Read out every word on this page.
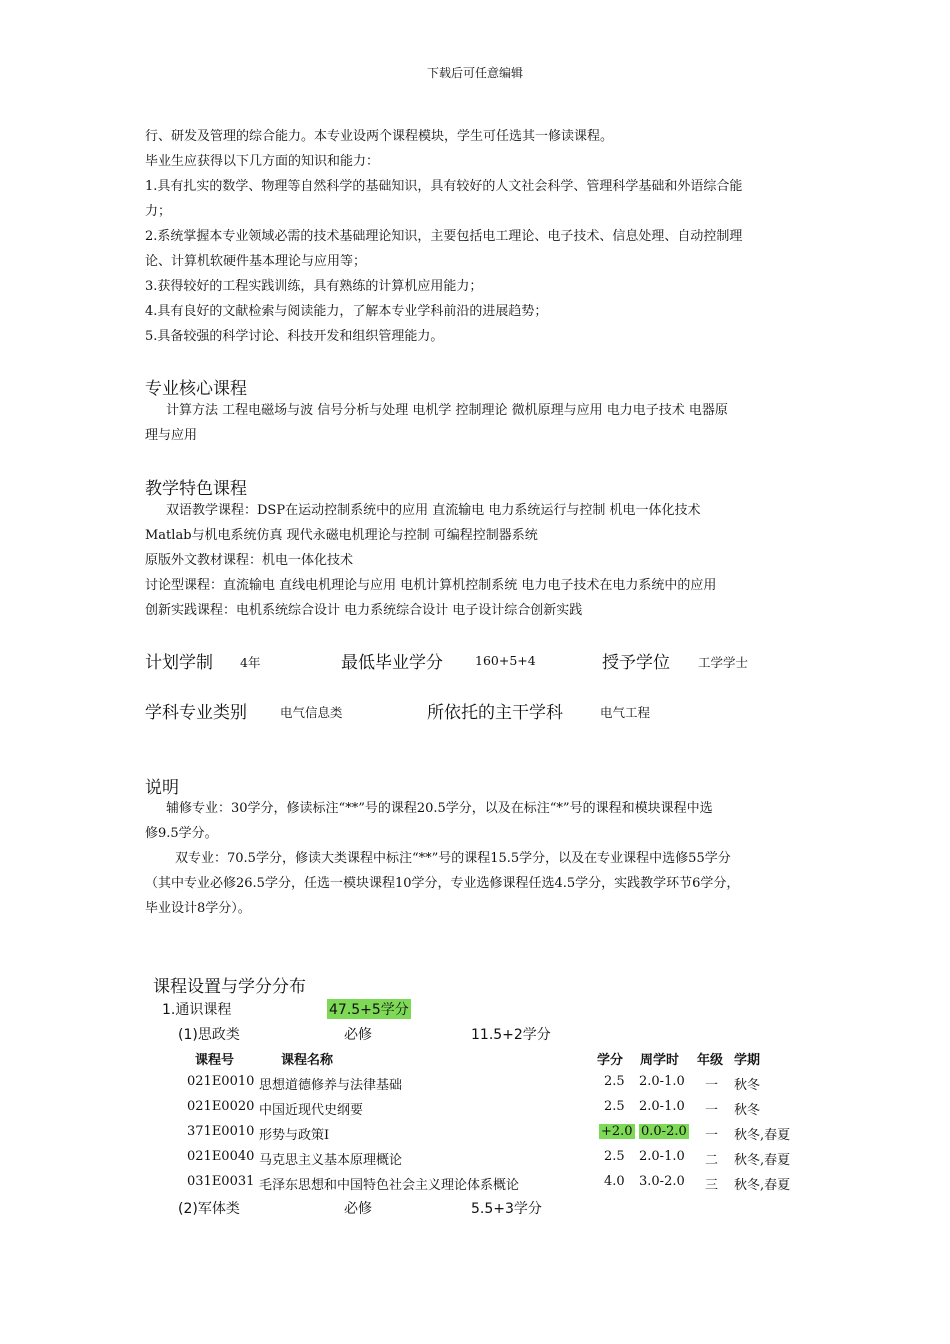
下载后可任意编辑
行、研发及管理的综合能力。本专业设两个课程模块，学生可任选其一修读课程。
毕业生应获得以下几方面的知识和能力：
1.具有扎实的数学、物理等自然科学的基础知识，具有较好的人文社会科学、管理科学基础和外语综合能
力；
2.系统掌握本专业领域必需的技术基础理论知识，主要包括电工理论、电子技术、信息处理、自动控制理
论、计算机软硬件基本理论与应用等；
3.获得较好的工程实践训练，具有熟练的计算机应用能力；
4.具有良好的文献检索与阅读能力，了解本专业学科前沿的进展趋势；
5.具备较强的科学讨论、科技开发和组织管理能力。
专业核心课程
计算方法 工程电磁场与波 信号分析与处理 电机学 控制理论 微机原理与应用 电力电子技术 电器原
理与应用
教学特色课程
双语教学课程：DSP在运动控制系统中的应用 直流输电 电力系统运行与控制 机电一体化技术
Matlab与机电系统仿真 现代永磁电机理论与控制 可编程控制器系统
原版外文教材课程：机电一体化技术
讨论型课程：直流输电 直线电机理论与应用 电机计算机控制系统 电力电子技术在电力系统中的应用
创新实践课程：电机系统综合设计 电力系统综合设计 电子设计综合创新实践
计划学制 4年	最低毕业学分	160+5+4	授予学位 工学学士
学科专业类别	电气信息类	所依托的主干学科	电气工程
说明
辅修专业：30学分，修读标注“**”号的课程20.5学分，以及在标注“*”号的课程和模块课程中选
修9.5学分。
双专业：70.5学分，修读大类课程中标注“**”号的课程15.5学分，以及在专业课程中选修55学分
（其中专业必修26.5学分，任选一模块课程10学分，专业选修课程任选4.5学分，实践教学环节6学分，
毕业设计8学分）。
课程设置与学分分布
1.通识课程	47.5+5学分
(1)思政类	必修	11.5+2学分
课程号	课程名称	学分 周学时 年级 学期
021E0010 思想道德修养与法律基础	2.5 2.0-1.0 一 秋冬
021E0020 中国近现代史纲要	2.5 2.0-1.0 一 秋冬
371E0010 形势与政策Ⅰ	+2.0 0.0-2.0 一 秋冬,春夏
021E0040 马克思主义基本原理概论	2.5 2.0-1.0 二 秋冬,春夏
031E0031 毛泽东思想和中国特色社会主义理论体系概论	4.0 3.0-2.0 三 秋冬,春夏
(2)军体类	必修	5.5+3学分
